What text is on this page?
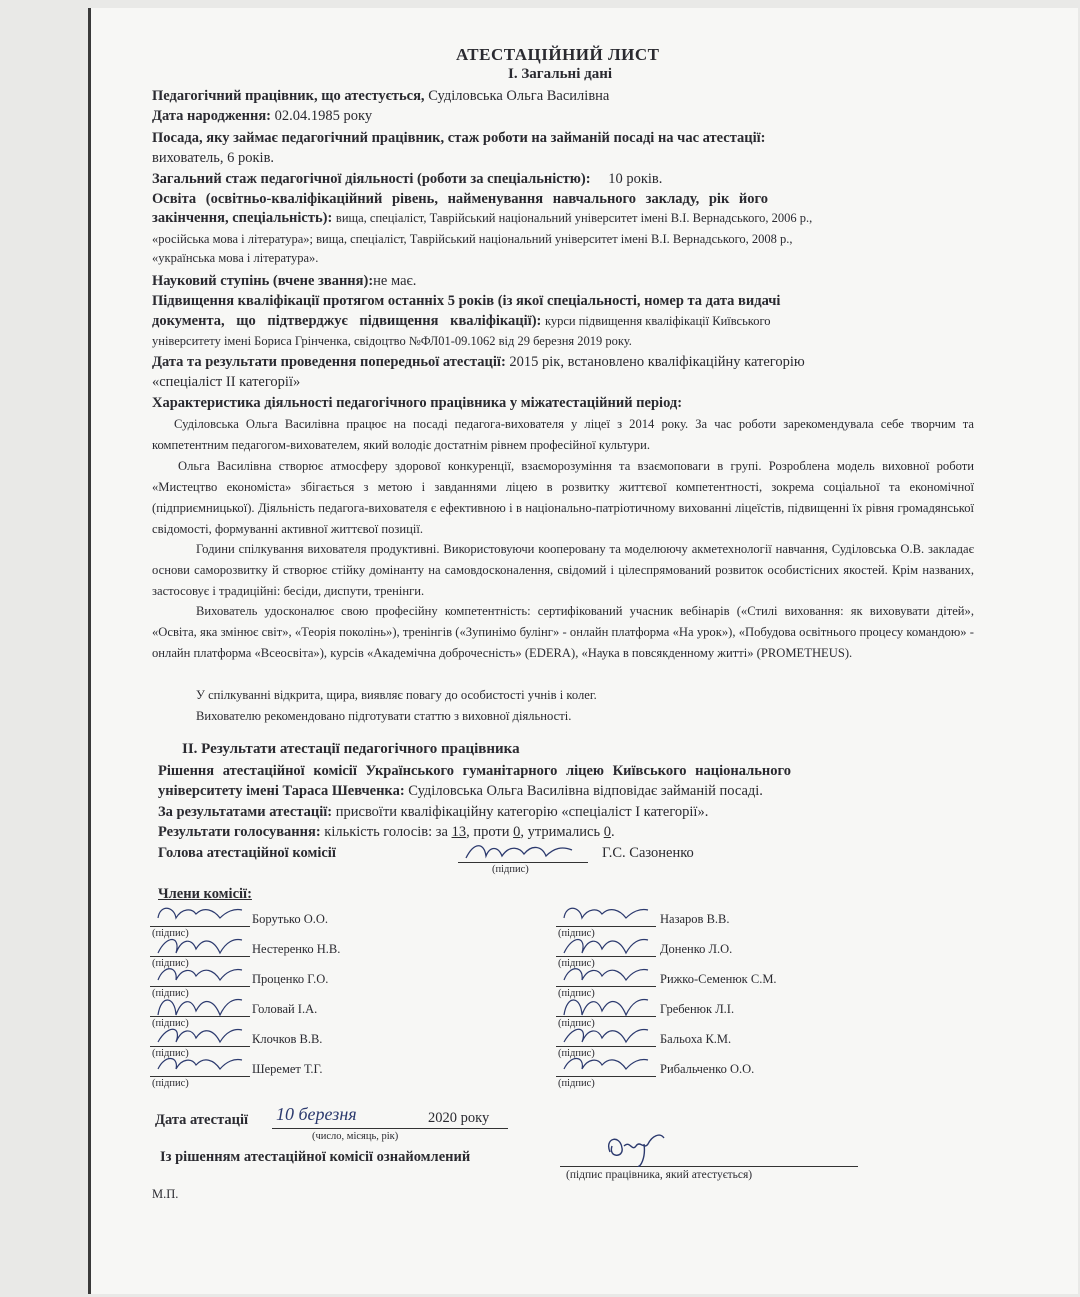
АТЕСТАЦІЙНИЙ ЛИСТ
І. Загальні дані
Педагогічний працівник, що атестується, Суділовська Ольга Василівна
Дата народження: 02.04.1985 року
Посада, яку займає педагогічний працівник, стаж роботи на займаній посаді на час атестації:
вихователь, 6 років.
Загальний стаж педагогічної діяльності (роботи за спеціальністю): 10 років.
Освіта (освітньо-кваліфікаційний рівень, найменування навчального закладу, рік його
закінчення, спеціальність): вища, спеціаліст, Таврійський національний університет імені В.І. Вернадського, 2006 р.,
«російська мова і література»; вища, спеціаліст, Таврійський національний університет імені В.І. Вернадського, 2008 р.,
«українська мова і література».
Науковий ступінь (вчене звання):не має.
Підвищення кваліфікації протягом останніх 5 років (із якої спеціальності, номер та дата видачі
документа, що підтверджує підвищення кваліфікації): курси підвищення кваліфікації Київського
університету імені Бориса Грінченка, свідоцтво №ФЛ01-09.1062 від 29 березня 2019 року.
Дата та результати проведення попередньої атестації: 2015 рік, встановлено кваліфікаційну категорію
«спеціаліст ІІ категорії»
Характеристика діяльності педагогічного працівника у міжатестаційний період:
Суділовська Ольга Василівна працює на посаді педагога-вихователя у ліцеї з 2014 року. За час роботи зарекомендувала себе творчим та компетентним педагогом-вихователем, який володіє достатнім рівнем професійної культури.
Ольга Василівна створює атмосферу здорової конкуренції, взаєморозуміння та взаємоповаги в групі. Розроблена модель виховної роботи «Мистецтво економіста» збігається з метою і завданнями ліцею в розвитку життєвої компетентності, зокрема соціальної та економічної (підприємницької). Діяльність педагога-вихователя є ефективною і в національно-патріотичному вихованні ліцеїстів, підвищенні їх рівня громадянської свідомості, формуванні активної життєвої позиції.
Години спілкування вихователя продуктивні. Використовуючи кооперовану та моделюючу акметехнології навчання, Суділовська О.В. закладає основи саморозвитку й створює стійку домінанту на самовдосконалення, свідомий і цілеспрямований розвиток особистісних якостей. Крім названих, застосовує і традиційні: бесіди, диспути, тренінги.
Вихователь удосконалює свою професійну компетентність: сертифікований учасник вебінарів («Стилі виховання: як виховувати дітей», «Освіта, яка змінює світ», «Теорія поколінь»), тренінгів («Зупинімо булінг» - онлайн платформа «На урок»), «Побудова освітнього процесу командою» - онлайн платформа «Всеосвіта»), курсів «Академічна доброчесність» (EDERA), «Наука в повсякденному житті» (PROMETHEUS).
У спілкуванні відкрита, щира, виявляє повагу до особистості учнів і колег.
Вихователю рекомендовано підготувати статтю з виховної діяльності.
ІІ. Результати атестації педагогічного працівника
Рішення атестаційної комісії Українського гуманітарного ліцею Київського національного
університету імені Тараса Шевченка: Суділовська Ольга Василівна відповідає займаній посаді.
За результатами атестації: присвоїти кваліфікаційну категорію «спеціаліст І категорії».
Результати голосування: кількість голосів: за 13, проти 0, утримались 0.
Голова атестаційної комісії	Г.С. Сазоненко
(підпис)
Члени комісії:
Борутько О.О.
(підпис)
Нестеренко Н.В.
(підпис)
Проценко Г.О.
(підпис)
Головай І.А.
(підпис)
Клочков В.В.
(підпис)
Шеремет Т.Г.
(підпис)
Назаров В.В.
(підпис)
Доненко Л.О.
(підпис)
Рижко-Семенюк С.М.
(підпис)
Гребенюк Л.І.
(підпис)
Бальоха К.М.
(підпис)
Рибальченко О.О.
(підпис)
Дата атестації 10 березня	2020 року
(число, місяць, рік)
Із рішенням атестаційної комісії ознайомлений
(підпис працівника, який атестується)
М.П.
